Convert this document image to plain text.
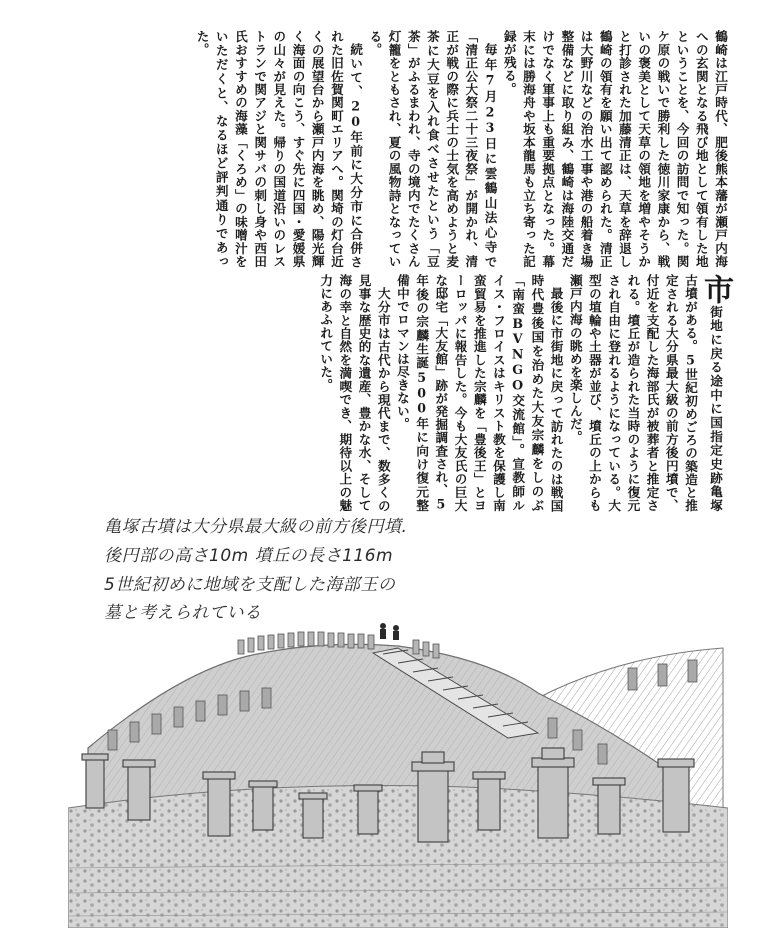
鶴崎は江戸時代、肥後熊本藩が瀬戸内海への玄関となる飛び地として領有した地ということを、今回の訪問で知った。関ケ原の戦いで勝利した徳川家康から、戦いの褒美として天草の領地を増やそうかと打診された加藤清正は、天草を辞退し鶴崎の領有を願い出て認められた。清正は大野川などの治水工事や港の船着き場整備などに取り組み、鶴崎は海陸交通だけでなく軍事上も重要拠点となった。幕末には勝海舟や坂本龍馬も立ち寄った記録が残る。

毎年7月23日に雲鶴山法心寺で「清正公大祭二十三夜祭」が開かれ、清正が戦の際に兵士の士気を高めようと麦茶に大豆を入れ食べさせたという「豆茶」がふるまわれ、寺の境内でたくさん灯籠をともされ、夏の風物詩となっている。

続いて、20年前に大分市に合併された旧佐賀関町エリアへ。関埼の灯台近くの展望台から瀬戸内海を眺め、陽光輝く海面の向こう、すぐ先に四国・愛媛県の山々が見えた。帰りの国道沿いのレストランで関アジと関サバの刺し身や西田氏おすすめの海藻「くろめ」の味噌汁をいただくと、なるほど評判通りであった。

市街地に戻る途中に国指定史跡亀塚古墳がある。5世紀初めごろの築造と推定される大分県最大級の前方後円墳で、付近を支配した海部氏が被葬者と推定される。墳丘が造られた当時のように復元され自由に登れるようになっている。大型の埴輪や土器が並び、墳丘の上からも瀬戸内海の眺めを楽しんだ。

最後に市街地に戻って訪れたのは戦国時代豊後国を治めた大友宗麟をしのぶ「南蛮BVNGO交流館」。宣教師ルイス・フロイスはキリスト教を保護し南蛮貿易を推進した宗麟を「豊後王」とヨーロッパに報告した。今も大友氏の巨大な邸宅「大友館」跡が発掘調査され、5年後の宗麟生誕500年に向け復元整備中でロマンは尽きない。

大分市は古代から現代まで、数多くの見事な歴史的な遺産、豊かな水、そして海の幸と自然を満喫でき、期待以上の魅力にあふれていた。

亀塚古墳は大分県最大級の前方後円墳.
後円部の高さ10m 墳丘の長さ116m
5世紀初めに地域を支配した海部王の
墓と考えられている
